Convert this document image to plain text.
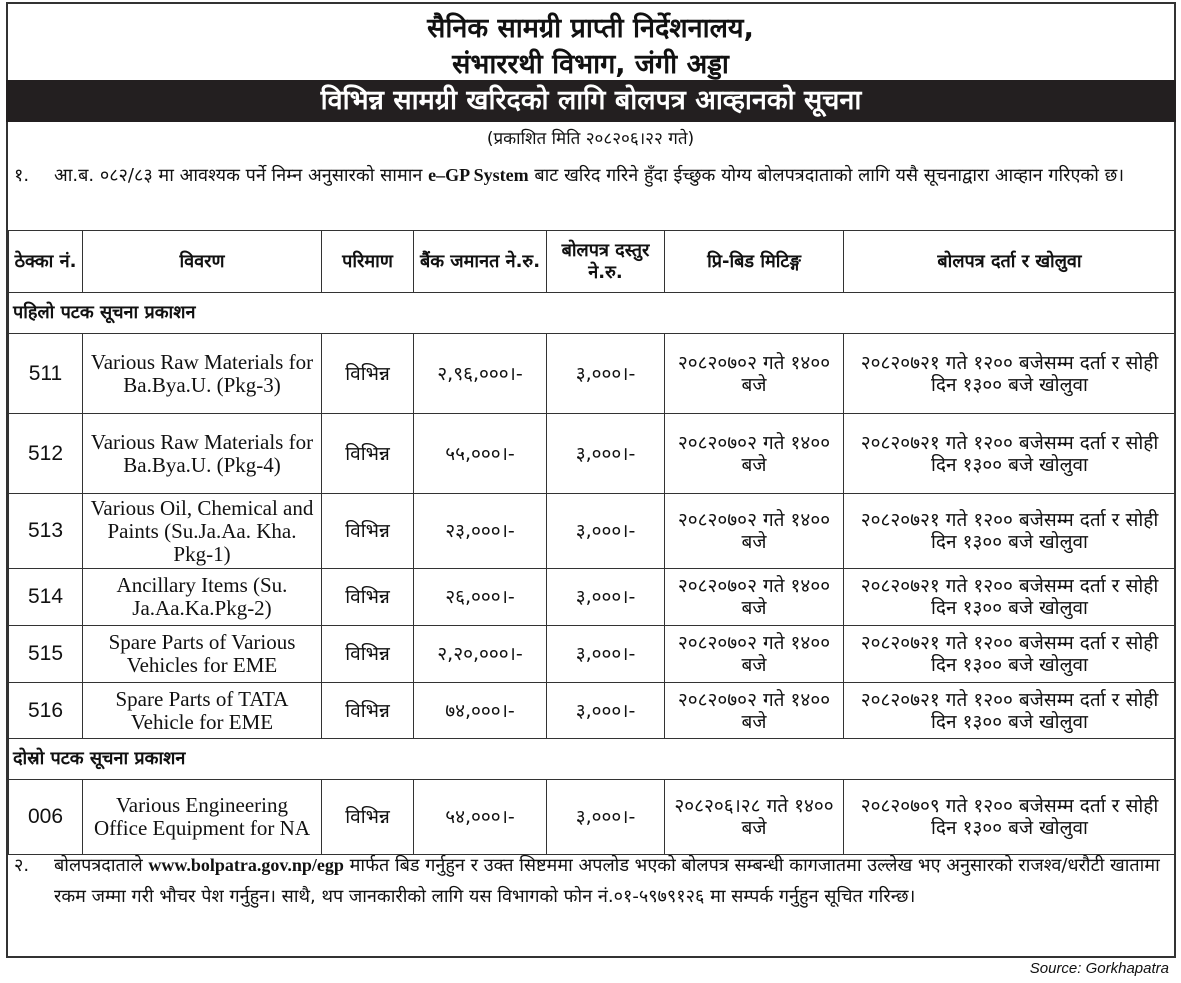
सैनिक सामग्री प्राप्ती निर्देशनालय,
संभाररथी विभाग, जंगी अड्डा
विभिन्न सामग्री खरिदको लागि बोलपत्र आव्हानको सूचना
(प्रकाशित मिति २०८२०६।२२ गते)
१. आ.ब. ०८२/८३ मा आवश्यक पर्ने निम्न अनुसारको सामान e–GP System बाट खरिद गरिने हुँदा ईच्छुक योग्य बोलपत्रदाताको लागि यसै सूचनाद्वारा आव्हान गरिएको छ।
ठेक्का नं.	विवरण	परिमाण	बैंक जमानत ने.रु.	बोलपत्र दस्तुर ने.रु.	प्रि-बिड मिटिङ्ग	बोलपत्र दर्ता र खोलुवा
पहिलो पटक सूचना प्रकाशन						
511	Various Raw Materials for Ba.Bya.U. (Pkg-3)	विभिन्न	२,९६,०००।-	३,०००।-	२०८२०७०२ गते १४०० बजे	२०८२०७२१ गते १२०० बजेसम्म दर्ता र सोही दिन १३०० बजे खोलुवा
512	Various Raw Materials for Ba.Bya.U. (Pkg-4)	विभिन्न	५५,०००।-	३,०००।-	२०८२०७०२ गते १४०० बजे	२०८२०७२१ गते १२०० बजेसम्म दर्ता र सोही दिन १३०० बजे खोलुवा
513	Various Oil, Chemical and Paints (Su.Ja.Aa. Kha. Pkg-1)	विभिन्न	२३,०००।-	३,०००।-	२०८२०७०२ गते १४०० बजे	२०८२०७२१ गते १२०० बजेसम्म दर्ता र सोही दिन १३०० बजे खोलुवा
514	Ancillary Items (Su. Ja.Aa.Ka.Pkg-2)	विभिन्न	२६,०००।-	३,०००।-	२०८२०७०२ गते १४०० बजे	२०८२०७२१ गते १२०० बजेसम्म दर्ता र सोही दिन १३०० बजे खोलुवा
515	Spare Parts of Various Vehicles for EME	विभिन्न	२,२०,०००।-	३,०००।-	२०८२०७०२ गते १४०० बजे	२०८२०७२१ गते १२०० बजेसम्म दर्ता र सोही दिन १३०० बजे खोलुवा
516	Spare Parts of TATA Vehicle for EME	विभिन्न	७४,०००।-	३,०००।-	२०८२०७०२ गते १४०० बजे	२०८२०७२१ गते १२०० बजेसम्म दर्ता र सोही दिन १३०० बजे खोलुवा
दोस्रो पटक सूचना प्रकाशन						
006	Various Engineering Office Equipment for NA	विभिन्न	५४,०००।-	३,०००।-	२०८२०६।२८ गते १४०० बजे	२०८२०७०९ गते १२०० बजेसम्म दर्ता र सोही दिन १३०० बजे खोलुवा
२. बोलपत्रदाताले www.bolpatra.gov.np/egp मार्फत बिड गर्नुहुन र उक्त सिष्टममा अपलोड भएको बोलपत्र सम्बन्धी कागजातमा उल्लेख भए अनुसारको राजश्व/धरौटी खातामा रकम जम्मा गरी भौचर पेश गर्नुहुन। साथै, थप जानकारीको लागि यस विभागको फोन नं.०१-५९७९१२६ मा सम्पर्क गर्नुहुन सूचित गरिन्छ।
Source: Gorkhapatra
